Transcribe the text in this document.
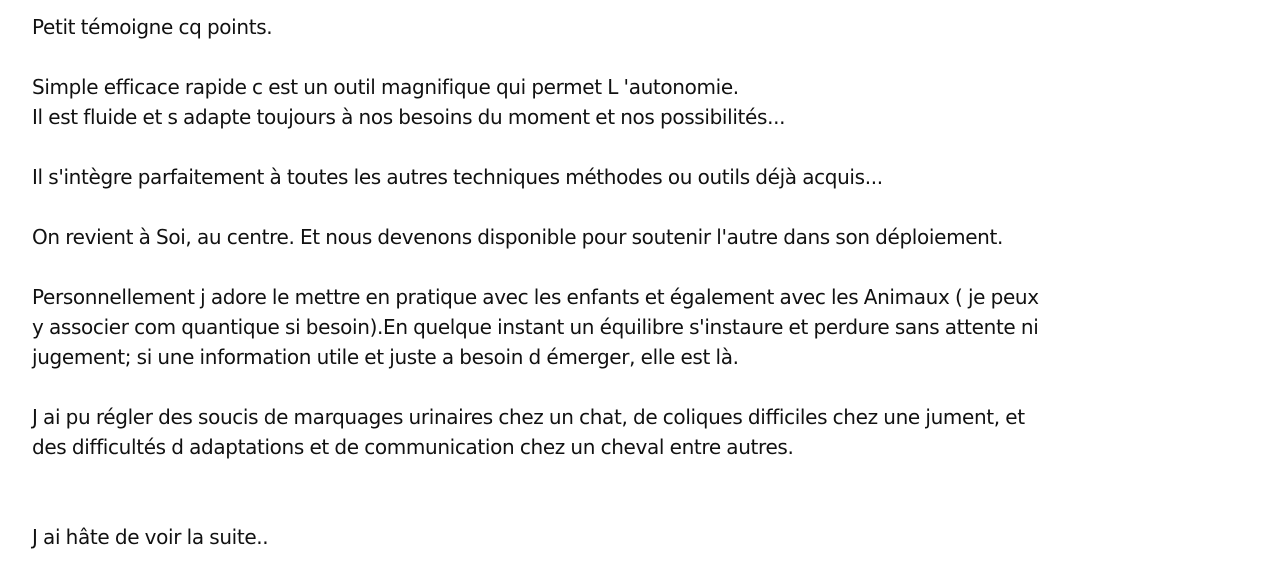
Petit témoigne cq points.

Simple efficace rapide c est un outil magnifique qui permet L 'autonomie.

Il est fluide et s adapte toujours à nos besoins du moment et nos possibilités...

Il s'intègre parfaitement à toutes les autres techniques méthodes ou outils déjà acquis...

On revient à Soi, au centre. Et nous devenons disponible pour soutenir l'autre dans son déploiement.

Personnellement j adore le mettre en pratique avec les enfants et également avec les Animaux ( je peux

y associer com quantique si besoin).En quelque instant un équilibre s'instaure et perdure sans attente ni

jugement; si une information utile et juste a besoin d émerger, elle est là.

J ai pu régler des soucis de marquages urinaires chez un chat, de coliques difficiles chez une jument, et

des difficultés d adaptations et de communication chez un cheval entre autres.

J ai hâte de voir la suite..
